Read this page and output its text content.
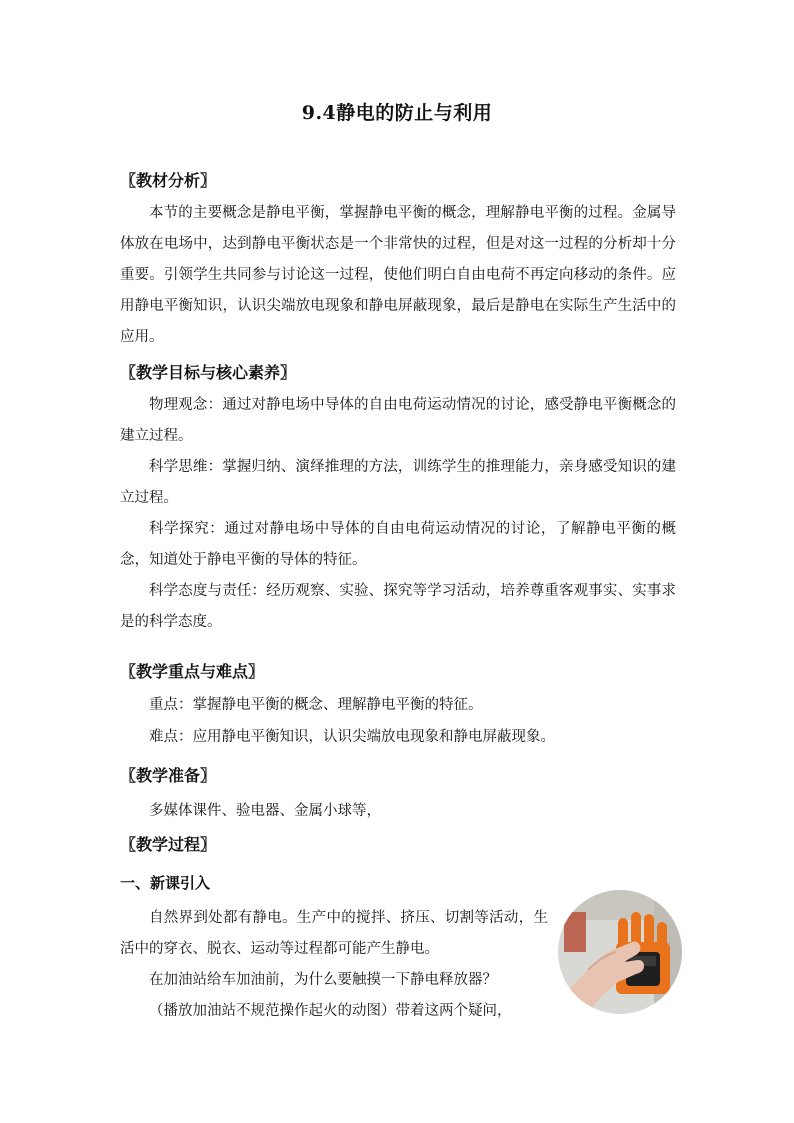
9.4静电的防止与利用
〖教材分析〗

本节的主要概念是静电平衡，掌握静电平衡的概念，理解静电平衡的过程。金属导体放在电场中，达到静电平衡状态是一个非常快的过程，但是对这一过程的分析却十分重要。引领学生共同参与讨论这一过程，使他们明白自由电荷不再定向移动的条件。应用静电平衡知识，认识尖端放电现象和静电屏蔽现象，最后是静电在实际生产生活中的应用。

〖教学目标与核心素养〗

物理观念：通过对静电场中导体的自由电荷运动情况的讨论，感受静电平衡概念的建立过程。

科学思维：掌握归纳、演绎推理的方法，训练学生的推理能力，亲身感受知识的建立过程。

科学探究：通过对静电场中导体的自由电荷运动情况的讨论，了解静电平衡的概念，知道处于静电平衡的导体的特征。

科学态度与责任：经历观察、实验、探究等学习活动，培养尊重客观事实、实事求是的科学态度。

〖教学重点与难点〗
重点：掌握静电平衡的概念、理解静电平衡的特征。
难点：应用静电平衡知识，认识尖端放电现象和静电屏蔽现象。
〖教学准备〗
多媒体课件、验电器、金属小球等，
〖教学过程〗
一、新课引入

自然界到处都有静电。生产中的搅拌、挤压、切割等活动，生活中的穿衣、脱衣、运动等过程都可能产生静电。

在加油站给车加油前，为什么要触摸一下静电释放器？

（播放加油站不规范操作起火的动图）带着这两个疑问，
